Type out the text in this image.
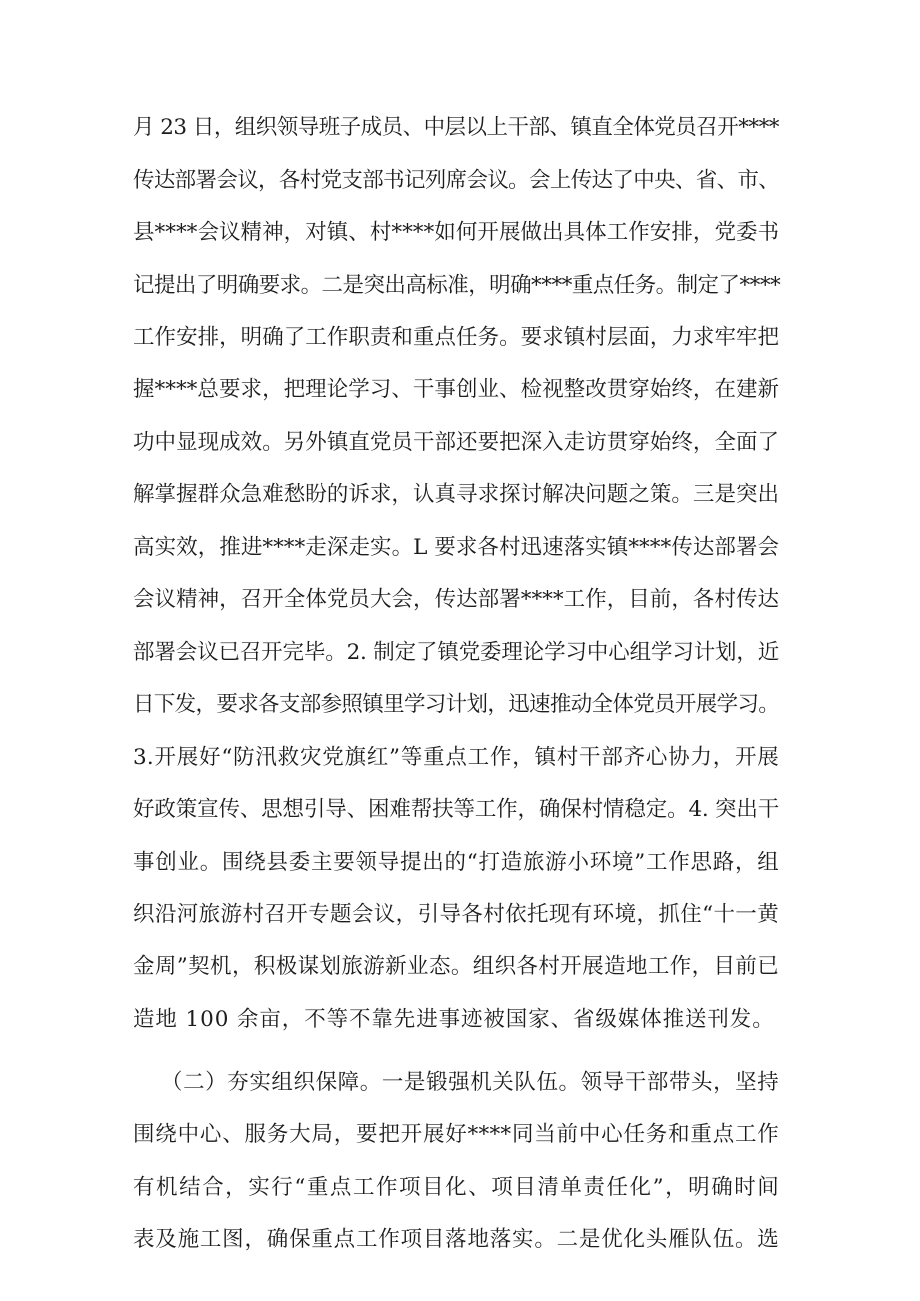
月 23 日，组织领导班子成员、中层以上干部、镇直全体党员召开****
传达部署会议，各村党支部书记列席会议。会上传达了中央、省、市、
县****会议精神，对镇、村****如何开展做出具体工作安排，党委书
记提出了明确要求。二是突出高标准，明确****重点任务。制定了****
工作安排，明确了工作职责和重点任务。要求镇村层面，力求牢牢把
握****总要求，把理论学习、干事创业、检视整改贯穿始终，在建新
功中显现成效。另外镇直党员干部还要把深入走访贯穿始终，全面了
解掌握群众急难愁盼的诉求，认真寻求探讨解决问题之策。三是突出
高实效，推进****走深走实。L 要求各村迅速落实镇****传达部署会
会议精神，召开全体党员大会，传达部署****工作，目前，各村传达
部署会议已召开完毕。2. 制定了镇党委理论学习中心组学习计划，近
日下发，要求各支部参照镇里学习计划，迅速推动全体党员开展学习。
3.开展好“防汛救灾党旗红”等重点工作，镇村干部齐心协力，开展
好政策宣传、思想引导、困难帮扶等工作，确保村情稳定。4. 突出干
事创业。围绕县委主要领导提出的“打造旅游小环境”工作思路，组
织沿河旅游村召开专题会议，引导各村依托现有环境，抓住“十一黄
金周”契机，积极谋划旅游新业态。组织各村开展造地工作，目前已
造地 100 余亩，不等不靠先进事迹被国家、省级媒体推送刊发。
（二）夯实组织保障。一是锻强机关队伍。领导干部带头，坚持
围绕中心、服务大局，要把开展好****同当前中心任务和重点工作
有机结合，实行“重点工作项目化、项目清单责任化”，明确时间
表及施工图，确保重点工作项目落地落实。二是优化头雁队伍。选
